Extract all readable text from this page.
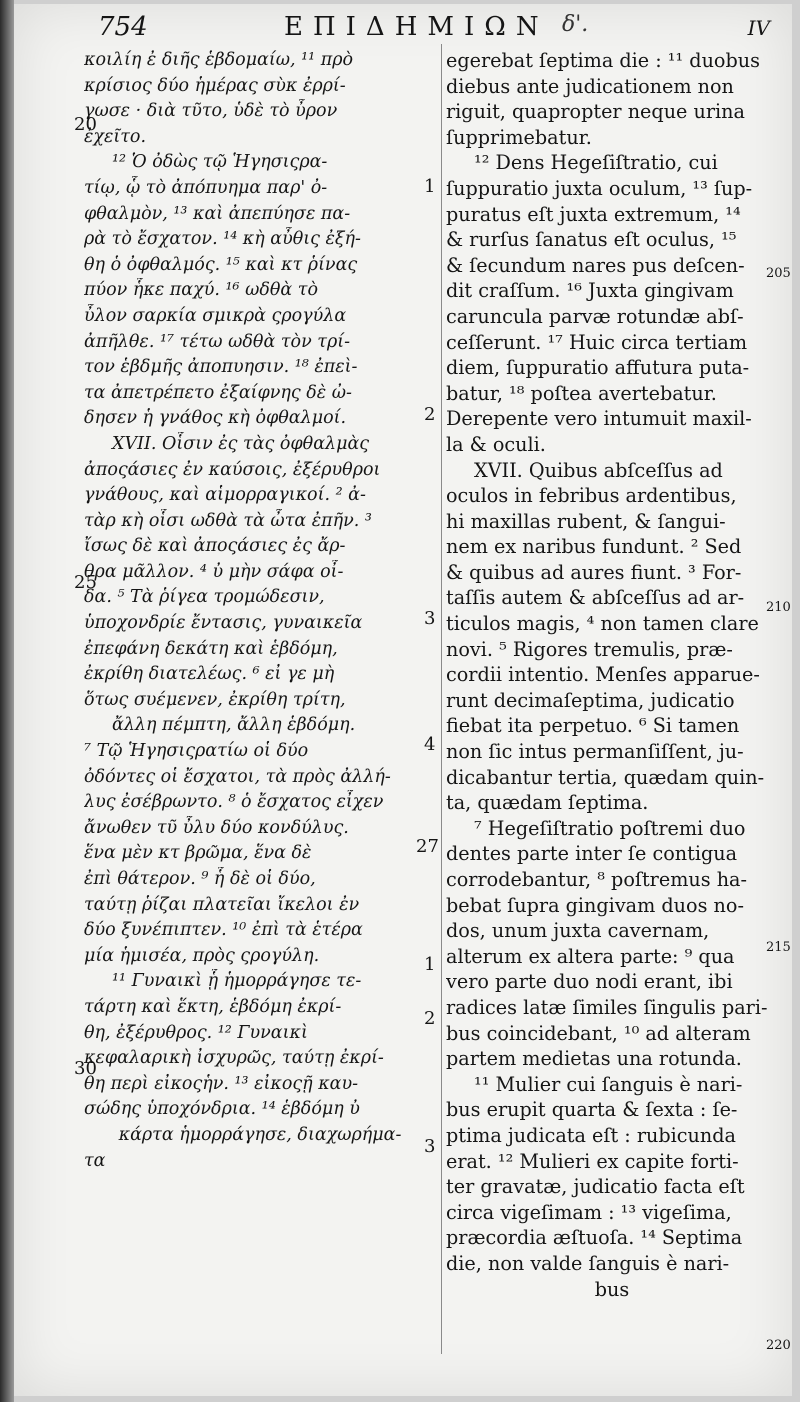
754	ΕΠΙΔΗΜΙΩΝ δ'.	IV
κοιλίη ἐ διῆς ἑβδομαίω, ¹¹ πρὸ
κρίσιος δύο ἡμέρας σὺκ ἐρρί-
γωσε · διὰ τῦτο, ὑδὲ τὸ ὖρον
ἐχεῖτο.
¹² Ὁ ὀδὼς τῷ Ἡγησιςρα-
τίῳ, ᾧ τὸ ἀπόπυημα παρ' ὀ-
φθαλμὸν, ¹³ καὶ ἀπεπύησε πα-
ρὰ τὸ ἔσχατον. ¹⁴ κὴ αὖθις ἐξή-
θη ὁ ὀφθαλμός. ¹⁵ καὶ κτ ῥίνας
πύον ἧκε παχύ. ¹⁶ ωδθὰ τὸ
ὖλον σαρκία σμικρὰ ςρογύλα
ἀπῆλθε. ¹⁷ τέτω ωδθὰ τὸν τρί-
τον ἑβδμῆς ἀποπυησιν. ¹⁸ ἐπεὶ-
τα ἀπετρέπετο ἐξαίφνης δὲ ὠ-
δησεν ἡ γνάθος κὴ ὀφθαλμοί.
XVII. Οἷσιν ἐς τὰς ὀφθαλμὰς
ἀποςάσιες ἐν καύσοις, ἐξέρυθροι
γνάθους, καὶ αἱμορραγικοί. ² ἀ-
τὰρ κὴ οἷσι ωδθὰ τὰ ὦτα ἐπῆν. ³
ἴσως δὲ καὶ ἀποςάσιες ἐς ἄρ-
θρα μᾶλλον. ⁴ ὐ μὴν σάφα οἶ-
δα. ⁵ Τὰ ῥίγεα τρομώδεσιν,
ὑποχονδρίε ἔντασις, γυναικεῖα
ἐπεφάνη δεκάτη καὶ ἑβδόμη,
ἐκρίθη διατελέως. ⁶ εἰ γε μὴ
ὅτως συέμενεν, ἐκρίθη τρίτη,
ἄλλη πέμπτη, ἄλλη ἑβδόμη.
⁷ Τῷ Ἡγησιςρατίω οἱ δύο
ὀδόντες οἱ ἔσχατοι, τὰ πρὸς ἀλλή-
λυς ἐσέβρωντο. ⁸ ὁ ἔσχατος εἶχεν
ἄνωθεν τῦ ὖλυ δύο κονδύλυς.
ἕνα μὲν κτ βρῶμα, ἕνα δὲ
ἐπὶ θάτερον. ⁹ ἧ δὲ οἱ δύο,
ταύτῃ ῥίζαι πλατεῖαι ἴκελοι ἐν
δύο ξυνέπιπτεν. ¹⁰ ἐπὶ τὰ ἑτέρα
μία ἡμισέα, πρὸς ςρογύλη.
¹¹ Γυναικὶ ᾗ ἡμορράγησε τε-
τάρτη καὶ ἕκτη, ἑβδόμη ἐκρί-
θη, ἐξέρυθρος. ¹² Γυναικὶ
κεφαλαρικὴ ἰσχυρῶς, ταύτῃ ἐκρί-
θη περὶ εἰκοςἡν. ¹³ εἰκοςῇ καυ-
σώδης ὑποχόνδρια. ¹⁴ ἑβδόμη ὐ
κάρτα ἡμορράγησε, διαχωρήμα-
τα
egerebat ſeptima die : ¹¹ duobus
diebus ante judicationem non
riguit, quapropter neque urina
ſupprimebatur.
¹² Dens Hegeſiſtratio, cui
ſuppuratio juxta oculum, ¹³ ſup-
puratus eſt juxta extremum, ¹⁴
& rurſus ſanatus eſt oculus, ¹⁵
& ſecundum nares pus deſcen-
dit craſſum. ¹⁶ Juxta gingivam
caruncula parvæ rotundæ abſ-
ceſſerunt. ¹⁷ Huic circa tertiam
diem, ſuppuratio affutura puta-
batur, ¹⁸ poſtea avertebatur.
Derepente vero intumuit maxil-
la & oculi.
XVII. Quibus abſceſſus ad
oculos in febribus ardentibus,
hi maxillas rubent, & ſangui-
nem ex naribus fundunt. ² Sed
& quibus ad aures fiunt. ³ For-
taſſis autem & abſceſſus ad ar-
ticulos magis, ⁴ non tamen clare
novi. ⁵ Rigores tremulis, præ-
cordii intentio. Menſes apparue-
runt decimaſeptima, judicatio
fiebat ita perpetuo. ⁶ Si tamen
non ſic intus permanſiſſent, ju-
dicabantur tertia, quædam quin-
ta, quædam ſeptima.
⁷ Hegeſiſtratio poſtremi duo
dentes parte inter ſe contigua
corrodebantur, ⁸ poſtremus ha-
bebat ſupra gingivam duos no-
dos, unum juxta cavernam,
alterum ex altera parte: ⁹ qua
vero parte duo nodi erant, ibi
radices latæ ſimiles ſingulis pari-
bus coincidebant, ¹⁰ ad alteram
partem medietas una rotunda.
¹¹ Mulier cui ſanguis è nari-
bus erupit quarta & ſexta : ſe-
ptima judicata eſt : rubicunda
erat. ¹² Mulieri ex capite forti-
ter gravatæ, judicatio facta eſt
circa vigeſimam : ¹³ vigeſima,
præcordia æſtuoſa. ¹⁴ Septima
die, non valde ſanguis è nari-
bus
20
25
30
1
2
3
4
27
1
2
3
205
210
215
220
